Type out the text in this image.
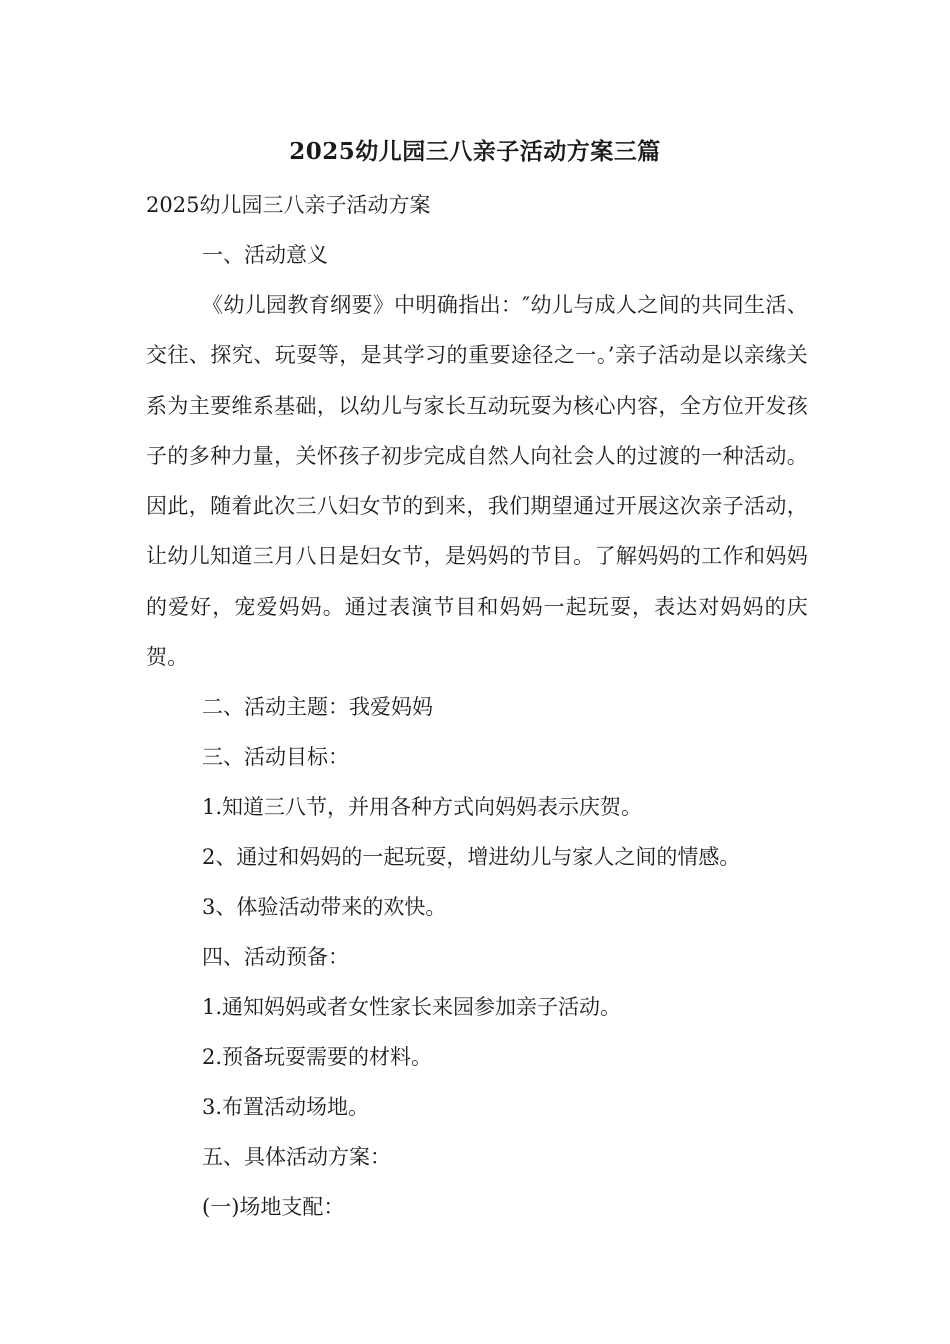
2025幼儿园三八亲子活动方案三篇

2025幼儿园三八亲子活动方案

一、活动意义

《幼儿园教育纲要》中明确指出：″幼儿与成人之间的共同生活、交往、探究、玩耍等，是其学习的重要途径之一。’亲子活动是以亲缘关系为主要维系基础，以幼儿与家长互动玩耍为核心内容，全方位开发孩子的多种力量，关怀孩子初步完成自然人向社会人的过渡的一种活动。因此，随着此次三八妇女节的到来，我们期望通过开展这次亲子活动，让幼儿知道三月八日是妇女节，是妈妈的节目。了解妈妈的工作和妈妈的爱好，宠爱妈妈。通过表演节目和妈妈一起玩耍，表达对妈妈的庆贺。

二、活动主题：我爱妈妈

三、活动目标：

1.知道三八节，并用各种方式向妈妈表示庆贺。

2、通过和妈妈的一起玩耍，增进幼儿与家人之间的情感。

3、体验活动带来的欢快。

四、活动预备：

1.通知妈妈或者女性家长来园参加亲子活动。

2.预备玩耍需要的材料。

3.布置活动场地。

五、具体活动方案：

(一)场地支配：
